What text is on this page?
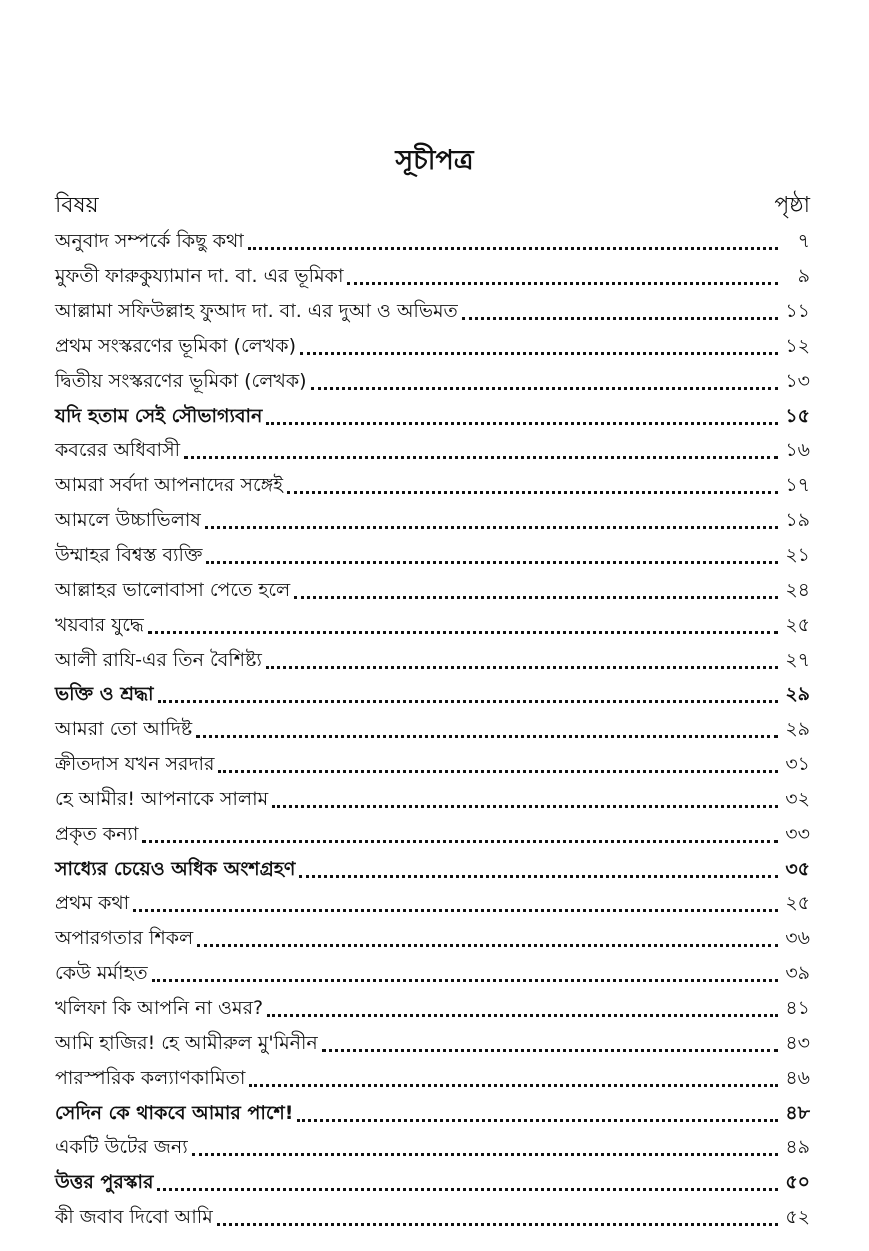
সূচীপত্র
বিষয়	পৃষ্ঠা
অনুবাদ সম্পর্কে কিছু কথা	৭
মুফতী ফারুকুয্যামান দা. বা. এর ভূমিকা	৯
আল্লামা সফিউল্লাহ ফুআদ দা. বা. এর দুআ ও অভিমত	১১
প্রথম সংস্করণের ভূমিকা (লেখক)	১২
দ্বিতীয় সংস্করণের ভূমিকা (লেখক)	১৩
যদি হতাম সেই সৌভাগ্যবান	১৫
কবরের অধিবাসী	১৬
আমরা সর্বদা আপনাদের সঙ্গেই	১৭
আমলে উচ্চাভিলাষ	১৯
উম্মাহর বিশ্বস্ত ব্যক্তি	২১
আল্লাহর ভালোবাসা পেতে হলে	২৪
খয়বার যুদ্ধে	২৫
আলী রাযি-এর তিন বৈশিষ্ট্য	২৭
ভক্তি ও শ্রদ্ধা	২৯
আমরা তো আদিষ্ট	২৯
ক্রীতদাস যখন সরদার	৩১
হে আমীর! আপনাকে সালাম	৩২
প্রকৃত কন্যা	৩৩
সাধ্যের চেয়েও অধিক অংশগ্রহণ	৩৫
প্রথম কথা	২৫
অপারগতার শিকল	৩৬
কেউ মর্মাহত	৩৯
খলিফা কি আপনি না ওমর?	৪১
আমি হাজির! হে আমীরুল মু'মিনীন	৪৩
পারস্পরিক কল্যাণকামিতা	৪৬
সেদিন কে থাকবে আমার পাশে!	৪৮
একটি উটের জন্য	৪৯
উত্তর পুরস্কার	৫০
কী জবাব দিবো আমি	৫২
